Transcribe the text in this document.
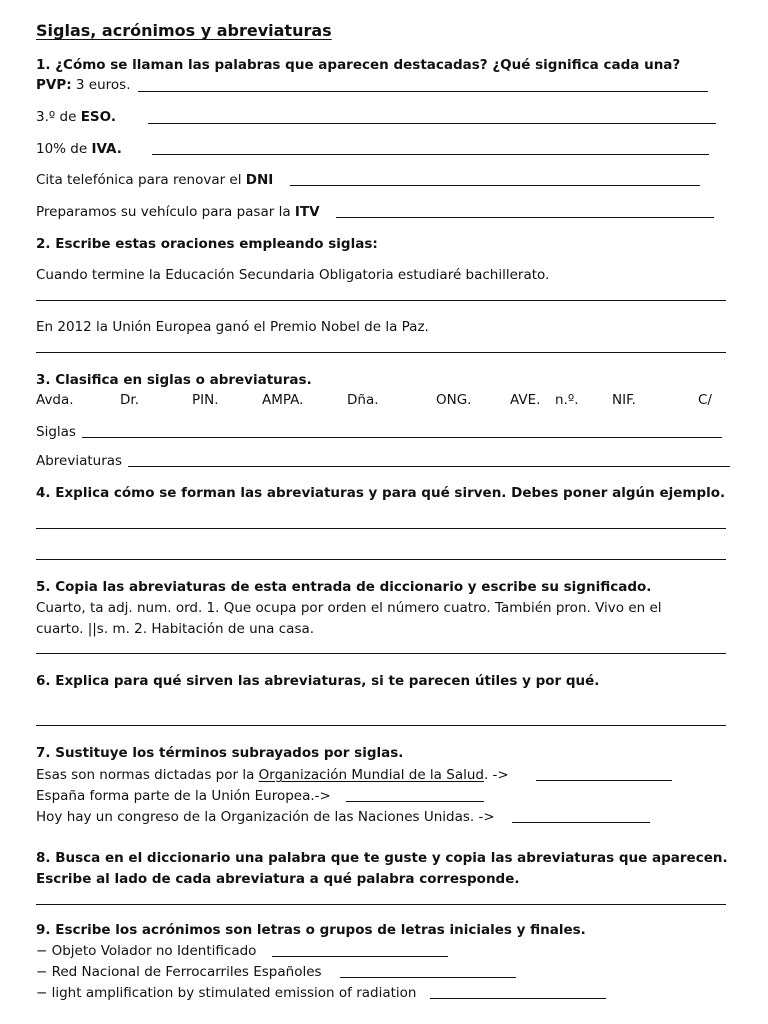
Siglas, acrónimos y abreviaturas
1. ¿Cómo se llaman las palabras que aparecen destacadas? ¿Qué significa cada una?
PVP: 3 euros.
3.º de ESO.
10% de IVA.
Cita telefónica para renovar el DNI
Preparamos su vehículo para pasar la ITV
2. Escribe estas oraciones empleando siglas:
Cuando termine la Educación Secundaria Obligatoria estudiaré bachillerato.
En 2012 la Unión Europea ganó el Premio Nobel de la Paz.
3. Clasifica en siglas o abreviaturas.
Avda.	Dr.	PIN.	AMPA.	Dña.	ONG.	AVE. n.º. NIF.	C/
Siglas
Abreviaturas
4. Explica cómo se forman las abreviaturas y para qué sirven. Debes poner algún ejemplo.
5. Copia las abreviaturas de esta entrada de diccionario y escribe su significado.
Cuarto, ta adj. num. ord. 1. Que ocupa por orden el número cuatro. También pron. Vivo en el
cuarto. ||s. m. 2. Habitación de una casa.
6. Explica para qué sirven las abreviaturas, si te parecen útiles y por qué.
7. Sustituye los términos subrayados por siglas.
Esas son normas dictadas por la Organización Mundial de la Salud. ->
España forma parte de la Unión Europea.->
Hoy hay un congreso de la Organización de las Naciones Unidas. ->
8. Busca en el diccionario una palabra que te guste y copia las abreviaturas que aparecen.
Escribe al lado de cada abreviatura a qué palabra corresponde.
9. Escribe los acrónimos son letras o grupos de letras iniciales y finales.
− Objeto Volador no Identificado
− Red Nacional de Ferrocarriles Españoles
− light amplification by stimulated emission of radiation
